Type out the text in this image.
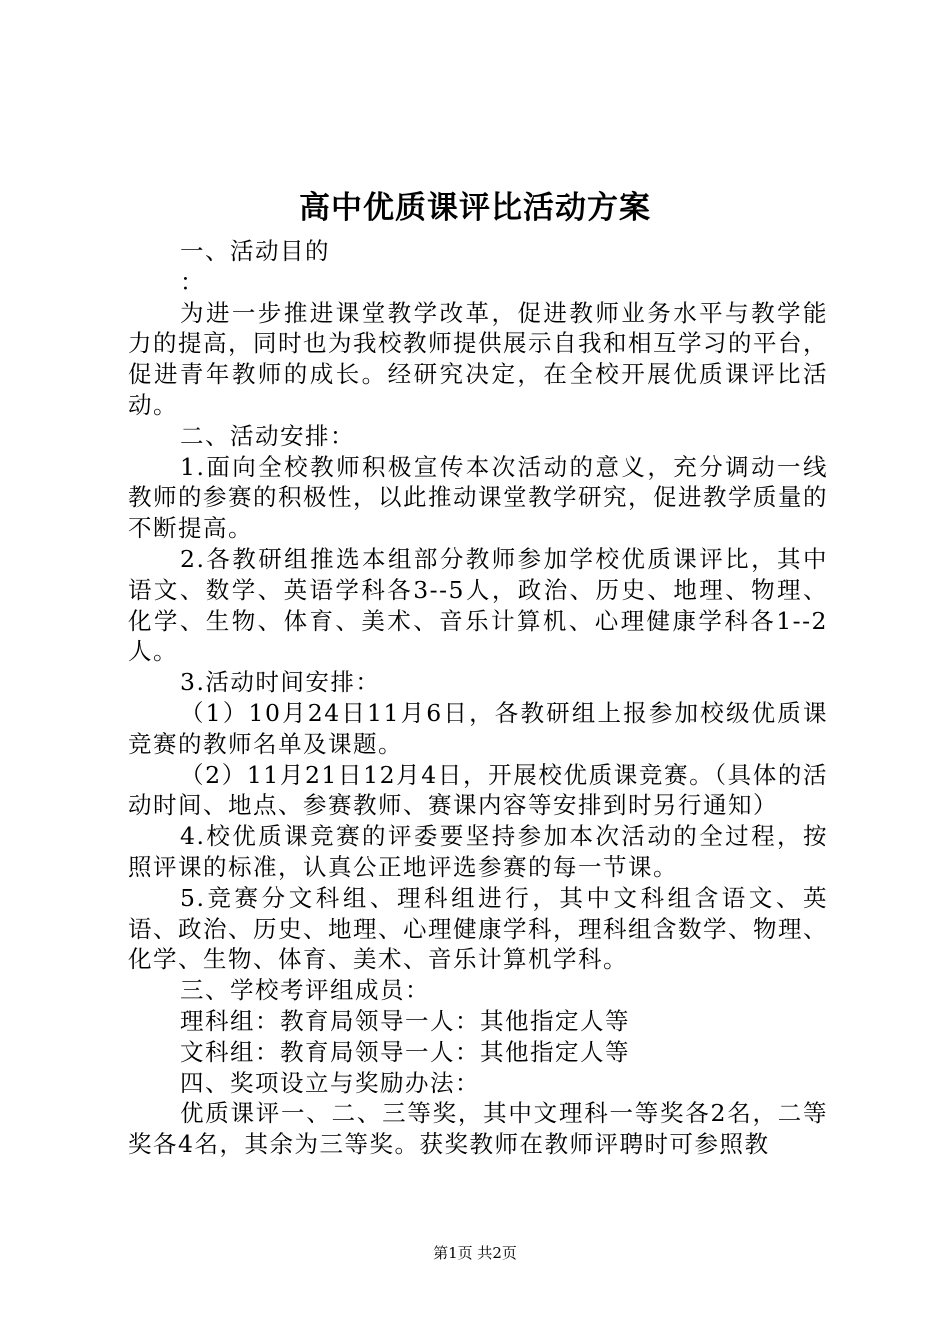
高中优质课评比活动方案

一、活动目的

：

为进一步推进课堂教学改革，促进教师业务水平与教学能力的提高，同时也为我校教师提供展示自我和相互学习的平台，促进青年教师的成长。经研究决定，在全校开展优质课评比活动。

二、活动安排：

1.面向全校教师积极宣传本次活动的意义，充分调动一线教师的参赛的积极性，以此推动课堂教学研究，促进教学质量的不断提高。

2.各教研组推选本组部分教师参加学校优质课评比，其中语文、数学、英语学科各3--5人，政治、历史、地理、物理、化学、生物、体育、美术、音乐计算机、心理健康学科各1--2人。

3.活动时间安排：

（1）10月24日11月6日，各教研组上报参加校级优质课竞赛的教师名单及课题。

（2）11月21日12月4日，开展校优质课竞赛。（具体的活动时间、地点、参赛教师、赛课内容等安排到时另行通知）

4.校优质课竞赛的评委要坚持参加本次活动的全过程，按照评课的标准，认真公正地评选参赛的每一节课。

5.竞赛分文科组、理科组进行，其中文科组含语文、英语、政治、历史、地理、心理健康学科，理科组含数学、物理、化学、生物、体育、美术、音乐计算机学科。

三、学校考评组成员：

理科组：教育局领导一人：其他指定人等

文科组：教育局领导一人：其他指定人等

四、奖项设立与奖励办法：

优质课评一、二、三等奖，其中文理科一等奖各2名，二等奖各4名，其余为三等奖。获奖教师在教师评聘时可参照教

第1页 共2页
